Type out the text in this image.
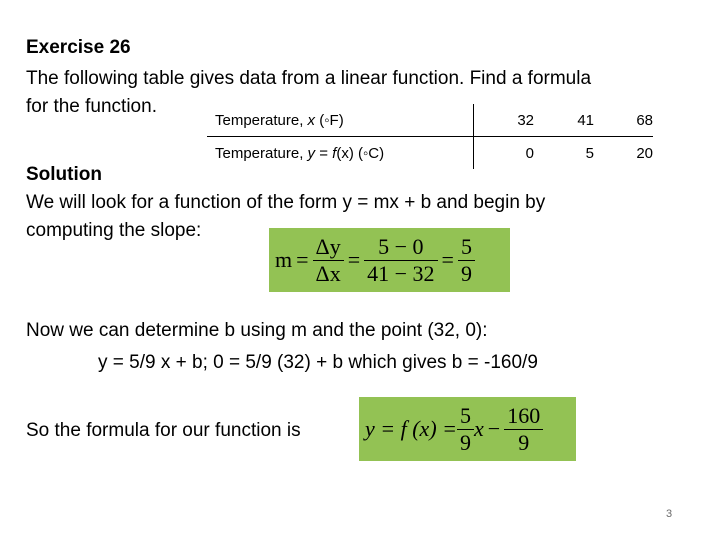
Exercise 26
The following table gives data from a linear function. Find a formula
for the function.
Temperature, x (◦F)	32	41	68
Temperature, y = f(x) (◦C)	0	5	20
Solution
We will look for a function of the form y = mx + b and begin by
computing the slope:
$m = \frac{\Delta y}{\Delta x} = \frac{5 - 0}{41 - 32} = \frac{5}{9}$
Now we can determine b using m and the point (32, 0):
y = 5/9 x + b; 0 = 5/9 (32) + b which gives b = -160/9
So the formula for our function is	y = f $(x) = \frac{5}{9}$ $x - \frac{160}{9}$
3
